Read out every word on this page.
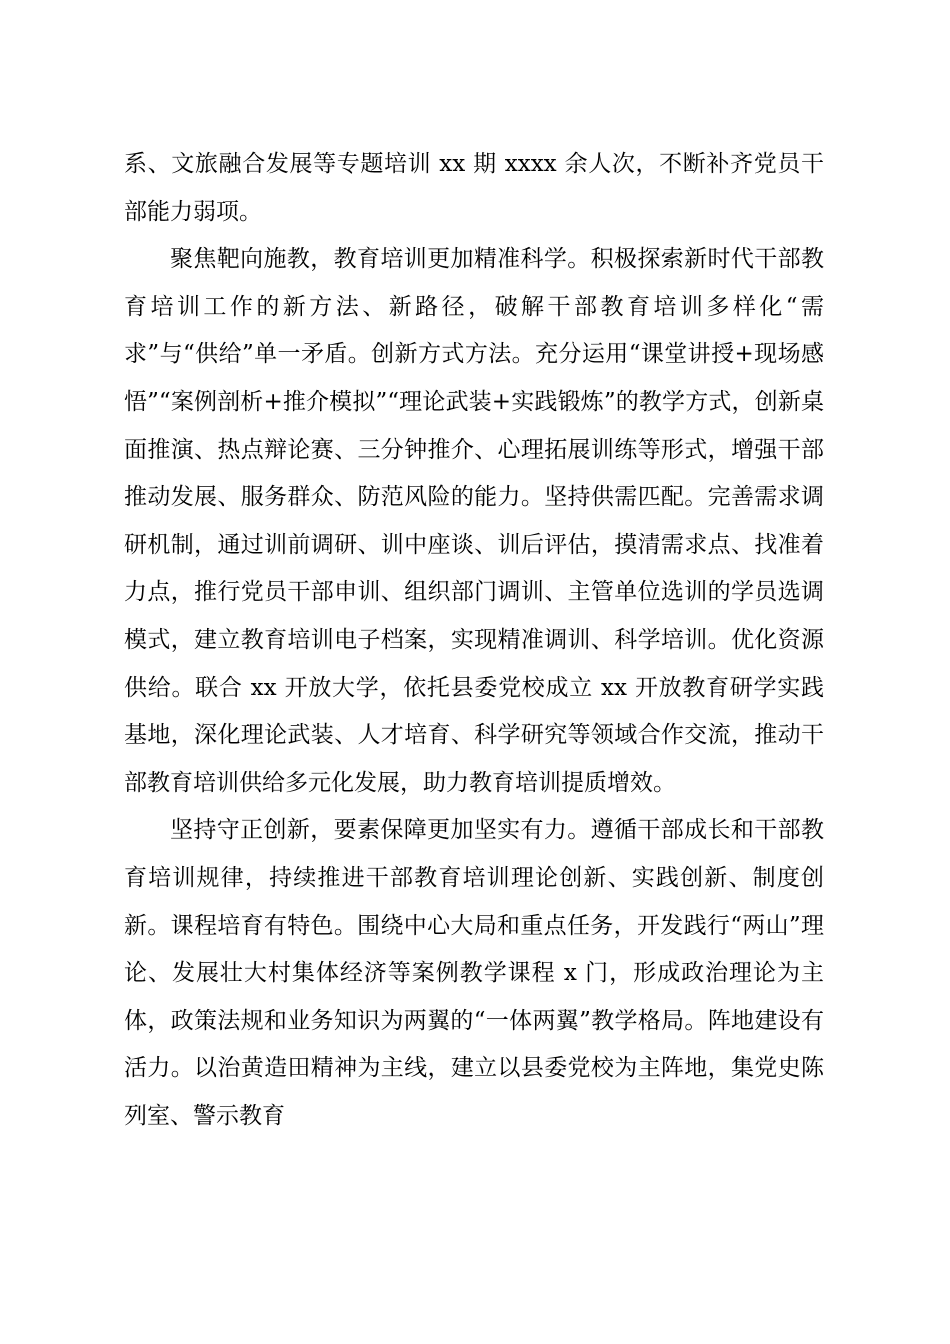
系、文旅融合发展等专题培训 xx 期 xxxx 余人次，不断补齐党员干部能力弱项。

聚焦靶向施教，教育培训更加精准科学。积极探索新时代干部教育培训工作的新方法、新路径，破解干部教育培训多样化“需求”与“供给”单一矛盾。创新方式方法。充分运用“课堂讲授+现场感悟”“案例剖析+推介模拟”“理论武装+实践锻炼”的教学方式，创新桌面推演、热点辩论赛、三分钟推介、心理拓展训练等形式，增强干部推动发展、服务群众、防范风险的能力。坚持供需匹配。完善需求调研机制，通过训前调研、训中座谈、训后评估，摸清需求点、找准着力点，推行党员干部申训、组织部门调训、主管单位选训的学员选调模式，建立教育培训电子档案，实现精准调训、科学培训。优化资源供给。联合 xx 开放大学，依托县委党校成立 xx 开放教育研学实践基地，深化理论武装、人才培育、科学研究等领域合作交流，推动干部教育培训供给多元化发展，助力教育培训提质增效。

坚持守正创新，要素保障更加坚实有力。遵循干部成长和干部教育培训规律，持续推进干部教育培训理论创新、实践创新、制度创新。课程培育有特色。围绕中心大局和重点任务，开发践行“两山”理论、发展壮大村集体经济等案例教学课程 x 门，形成政治理论为主体，政策法规和业务知识为两翼的“一体两翼”教学格局。阵地建设有活力。以治黄造田精神为主线，建立以县委党校为主阵地，集党史陈列室、警示教育
